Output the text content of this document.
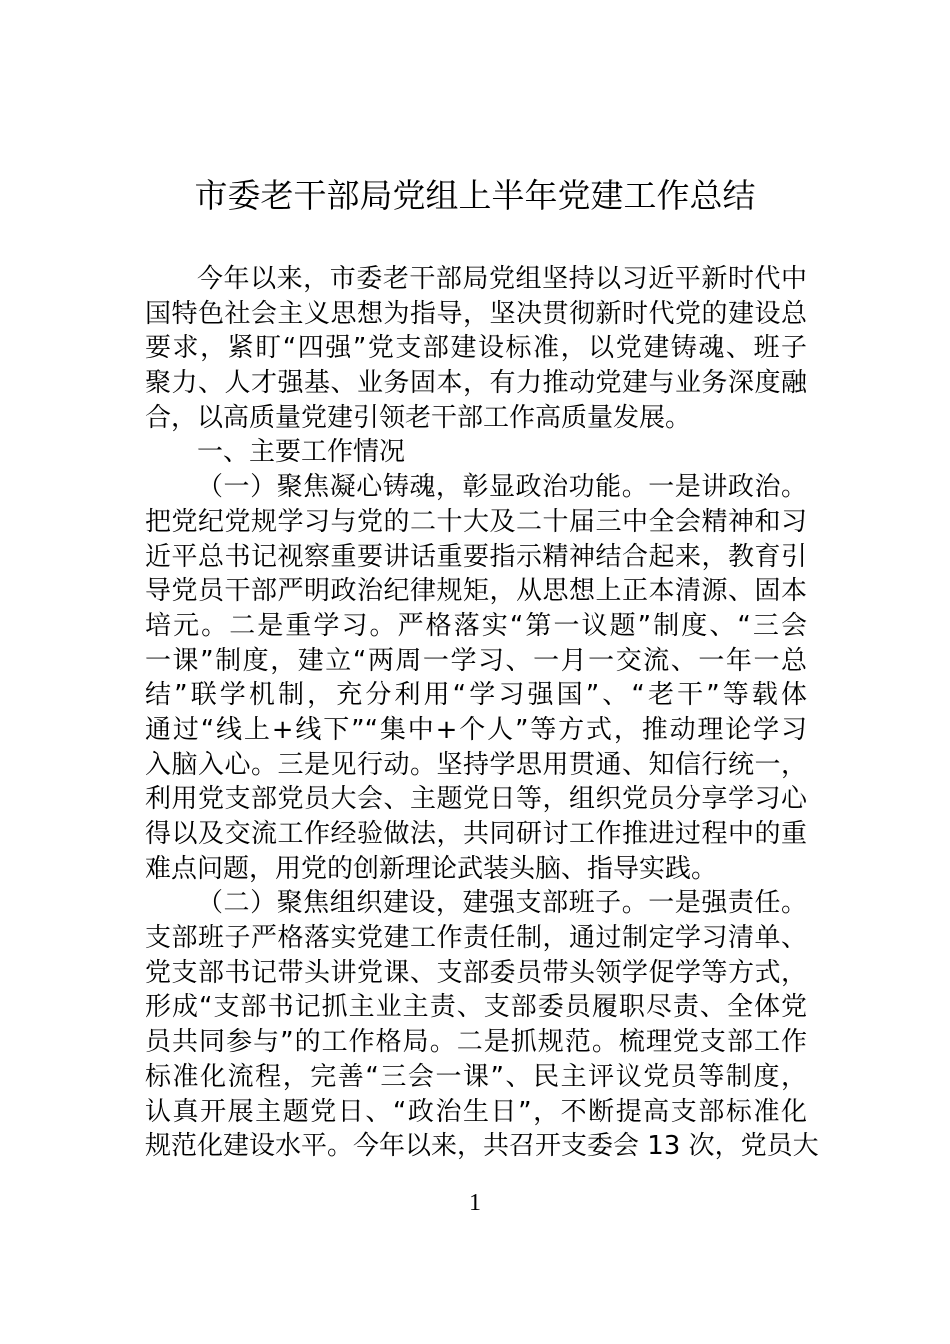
市委老干部局党组上半年党建工作总结
今年以来，市委老干部局党组坚持以习近平新时代中
国特色社会主义思想为指导，坚决贯彻新时代党的建设总
要求，紧盯“四强”党支部建设标准，以党建铸魂、班子
聚力、人才强基、业务固本，有力推动党建与业务深度融
合，以高质量党建引领老干部工作高质量发展。
一、主要工作情况
（一）聚焦凝心铸魂，彰显政治功能。一是讲政治。
把党纪党规学习与党的二十大及二十届三中全会精神和习
近平总书记视察重要讲话重要指示精神结合起来，教育引
导党员干部严明政治纪律规矩，从思想上正本清源、固本
培元。二是重学习。严格落实“第一议题”制度、“三会
一课”制度，建立“两周一学习、一月一交流、一年一总
结”联学机制，充分利用“学习强国”、“老干”等载体
通过“线上+线下”“集中+个人”等方式，推动理论学习
入脑入心。三是见行动。坚持学思用贯通、知信行统一，
利用党支部党员大会、主题党日等，组织党员分享学习心
得以及交流工作经验做法，共同研讨工作推进过程中的重
难点问题，用党的创新理论武装头脑、指导实践。
（二）聚焦组织建设，建强支部班子。一是强责任。
支部班子严格落实党建工作责任制，通过制定学习清单、
党支部书记带头讲党课、支部委员带头领学促学等方式，
形成“支部书记抓主业主责、支部委员履职尽责、全体党
员共同参与”的工作格局。二是抓规范。梳理党支部工作
标准化流程，完善“三会一课”、民主评议党员等制度，
认真开展主题党日、“政治生日”，不断提高支部标准化
规范化建设水平。今年以来，共召开支委会 13 次，党员大
1
